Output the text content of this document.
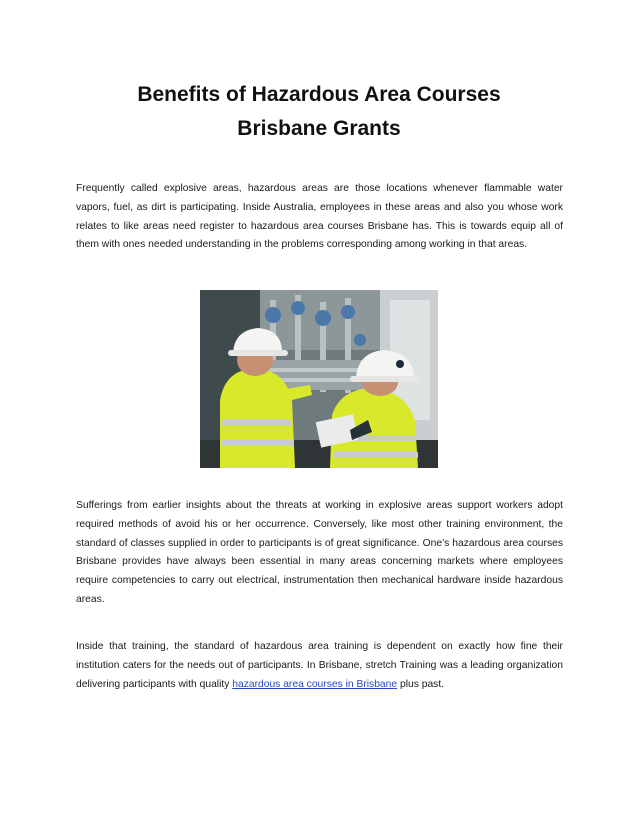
Benefits of Hazardous Area Courses
Brisbane Grants

Frequently called explosive areas, hazardous areas are those locations whenever flammable water vapors, fuel, as dirt is participating. Inside Australia, employees in these areas and also you whose work relates to like areas need register to hazardous area courses Brisbane has. This is towards equip all of them with ones needed understanding in the problems corresponding among working in that areas.

Sufferings from earlier insights about the threats at working in explosive areas support workers adopt required methods of avoid his or her occurrence. Conversely, like most other training environment, the standard of classes supplied in order to participants is of great significance. One’s hazardous area courses Brisbane provides have always been essential in many areas concerning markets where employees require competencies to carry out electrical, instrumentation then mechanical hardware inside hazardous areas.

Inside that training, the standard of hazardous area training is dependent on exactly how fine their institution caters for the needs out of participants. In Brisbane, stretch Training was a leading organization delivering participants with quality hazardous area courses in Brisbane plus past.
